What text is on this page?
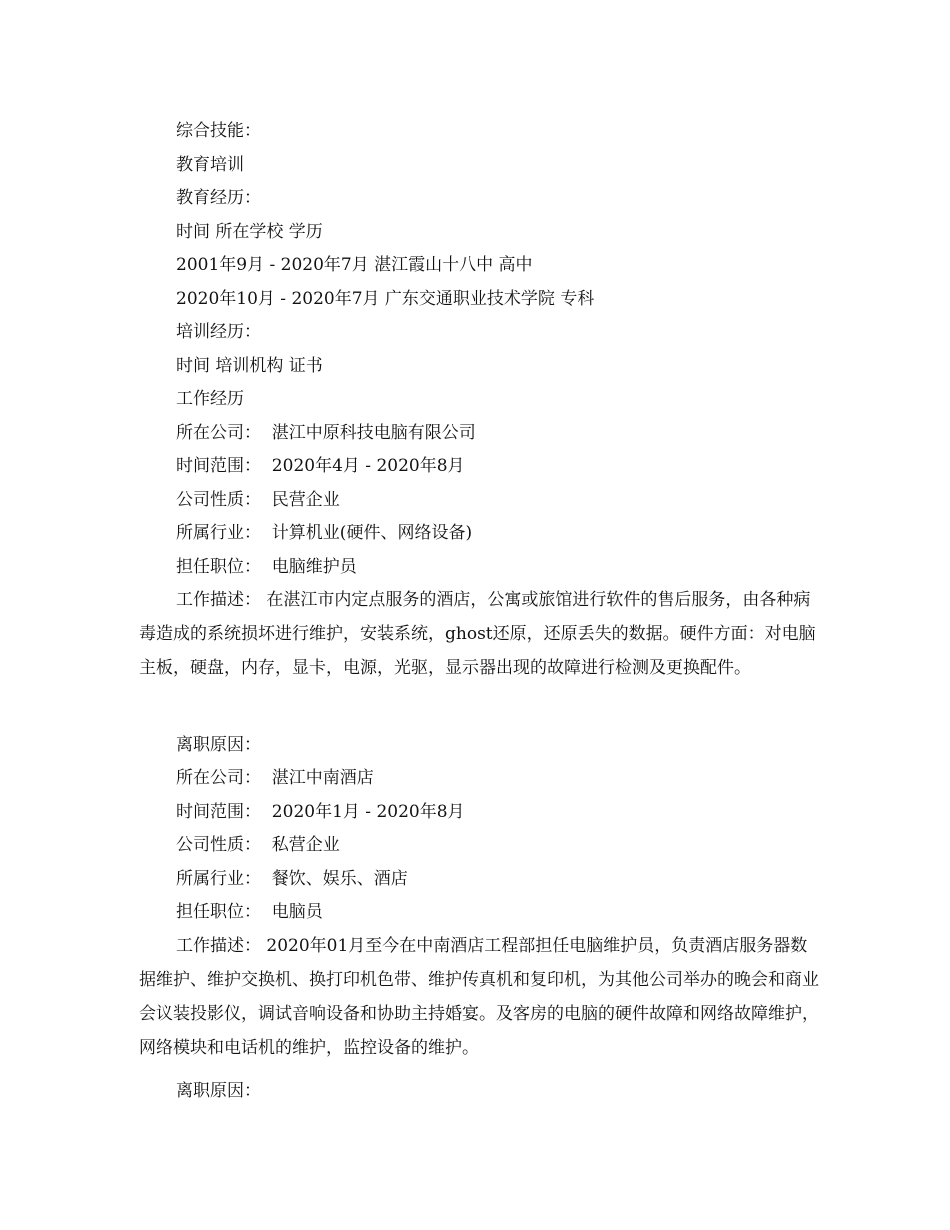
综合技能：
教育培训
教育经历：
时间 所在学校 学历
2001年9月 - 2020年7月 湛江霞山十八中 高中
2020年10月 - 2020年7月 广东交通职业技术学院 专科
培训经历：
时间 培训机构 证书
工作经历
所在公司：  湛江中原科技电脑有限公司
时间范围：  2020年4月 - 2020年8月
公司性质：  民营企业
所属行业：  计算机业(硬件、网络设备)
担任职位：  电脑维护员
工作描述： 在湛江市内定点服务的酒店，公寓或旅馆进行软件的售后服务，由各种病毒造成的系统损坏进行维护，安装系统，ghost还原，还原丢失的数据。硬件方面：对电脑主板，硬盘，内存，显卡，电源，光驱，显示器出现的故障进行检测及更换配件。
离职原因：
所在公司：  湛江中南酒店
时间范围：  2020年1月 - 2020年8月
公司性质：  私营企业
所属行业：  餐饮、娱乐、酒店
担任职位：  电脑员
工作描述： 2020年01月至今在中南酒店工程部担任电脑维护员，负责酒店服务器数据维护、维护交换机、换打印机色带、维护传真机和复印机，为其他公司举办的晚会和商业会议装投影仪，调试音响设备和协助主持婚宴。及客房的电脑的硬件故障和网络故障维护，网络模块和电话机的维护，监控设备的维护。
离职原因：
